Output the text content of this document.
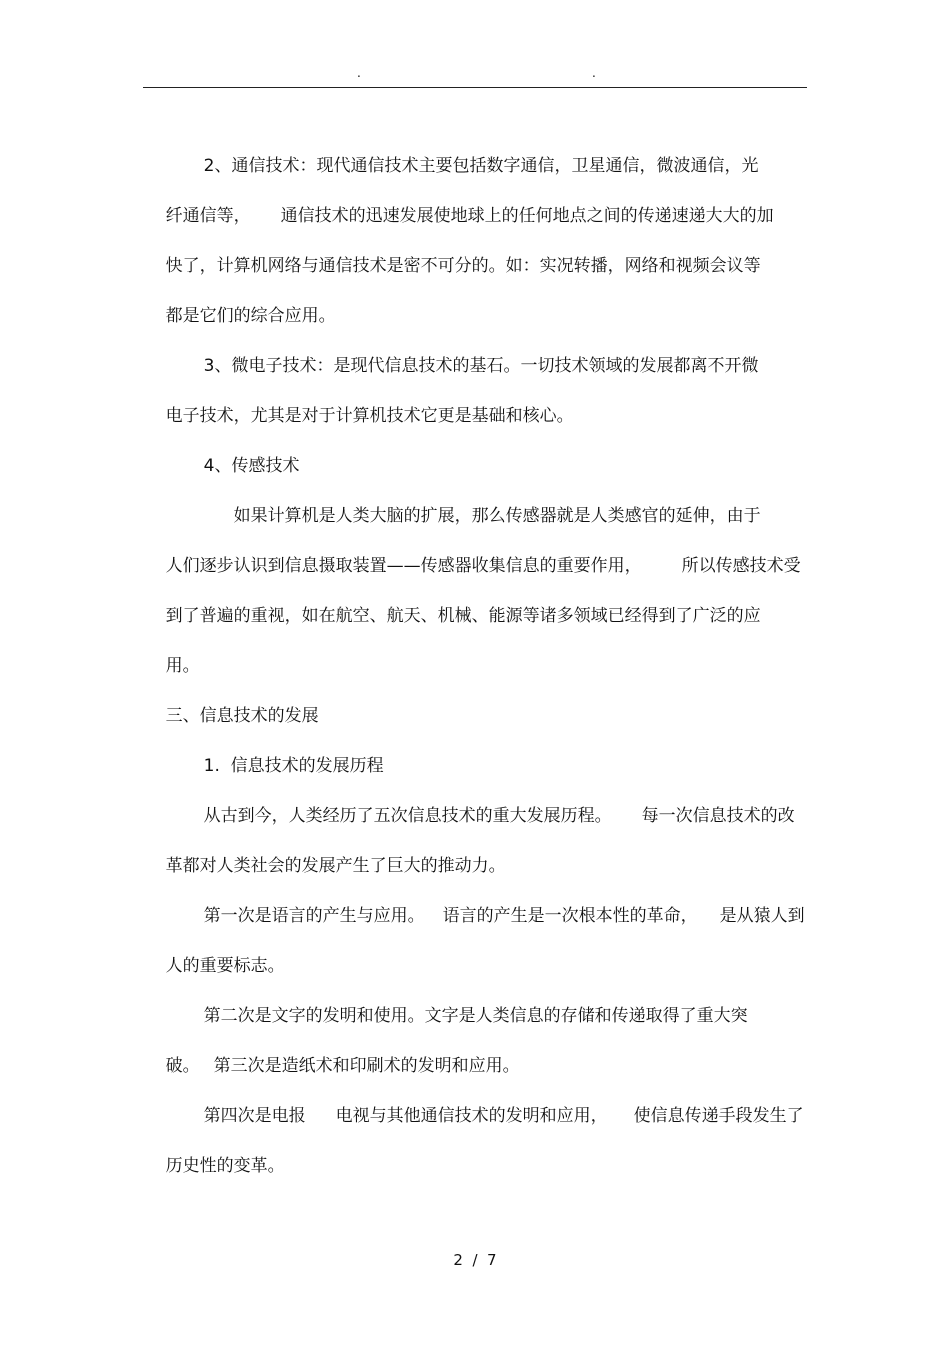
.	.

2、通信技术：现代通信技术主要包括数字通信，卫星通信，微波通信，光

纤通信等， 通信技术的迅速发展使地球上的任何地点之间的传递速递大大的加

快了，计算机网络与通信技术是密不可分的。如：实况转播，网络和视频会议等

都是它们的综合应用。

3、微电子技术：是现代信息技术的基石。一切技术领域的发展都离不开微

电子技术，尤其是对于计算机技术它更是基础和核心。

4、传感技术

如果计算机是人类大脑的扩展，那么传感器就是人类感官的延伸，由于

人们逐步认识到信息摄取装置——传感器收集信息的重要作用， 所以传感技术受

到了普遍的重视，如在航空、航天、机械、能源等诸多领域已经得到了广泛的应

用。

三、信息技术的发展

1.  信息技术的发展历程

从古到今，人类经历了五次信息技术的重大发展历程。 每一次信息技术的改

革都对人类社会的发展产生了巨大的推动力。

第一次是语言的产生与应用。 语言的产生是一次根本性的革命， 是从猿人到

人的重要标志。

第二次是文字的发明和使用。文字是人类信息的存储和传递取得了重大突

破。 第三次是造纸术和印刷术的发明和应用。

第四次是电报 电视与其他通信技术的发明和应用， 使信息传递手段发生了

历史性的变革。

2  /  7
